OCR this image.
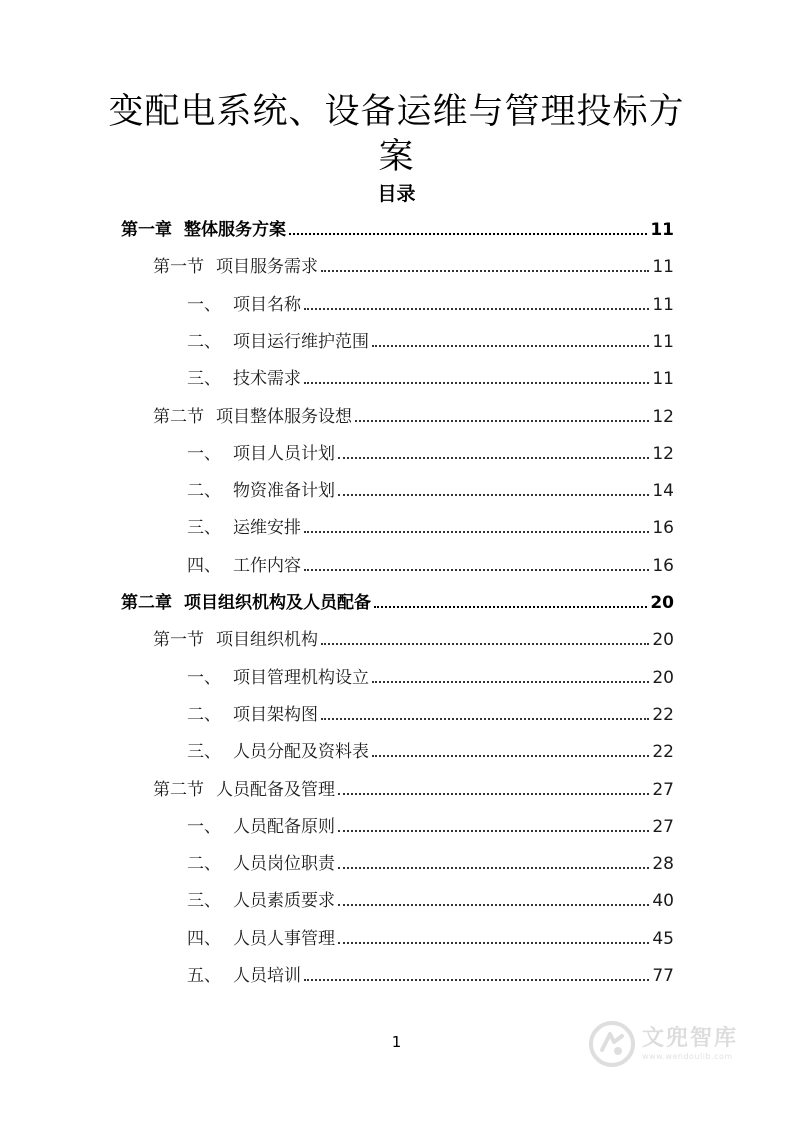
变配电系统、设备运维与管理投标方案
目录
第一章 整体服务方案	11
第一节 项目服务需求	11
一、 项目名称	11
二、 项目运行维护范围	11
三、 技术需求	11
第二节 项目整体服务设想	12
一、 项目人员计划	12
二、 物资准备计划	14
三、 运维安排	16
四、 工作内容	16
第二章 项目组织机构及人员配备	20
第一节 项目组织机构	20
一、 项目管理机构设立	20
二、 项目架构图	22
三、 人员分配及资料表	22
第二节 人员配备及管理	27
一、 人员配备原则	27
二、 人员岗位职责	28
三、 人员素质要求	40
四、 人员人事管理	45
五、 人员培训	77
1	文兜智库
www.wendoulib.com
